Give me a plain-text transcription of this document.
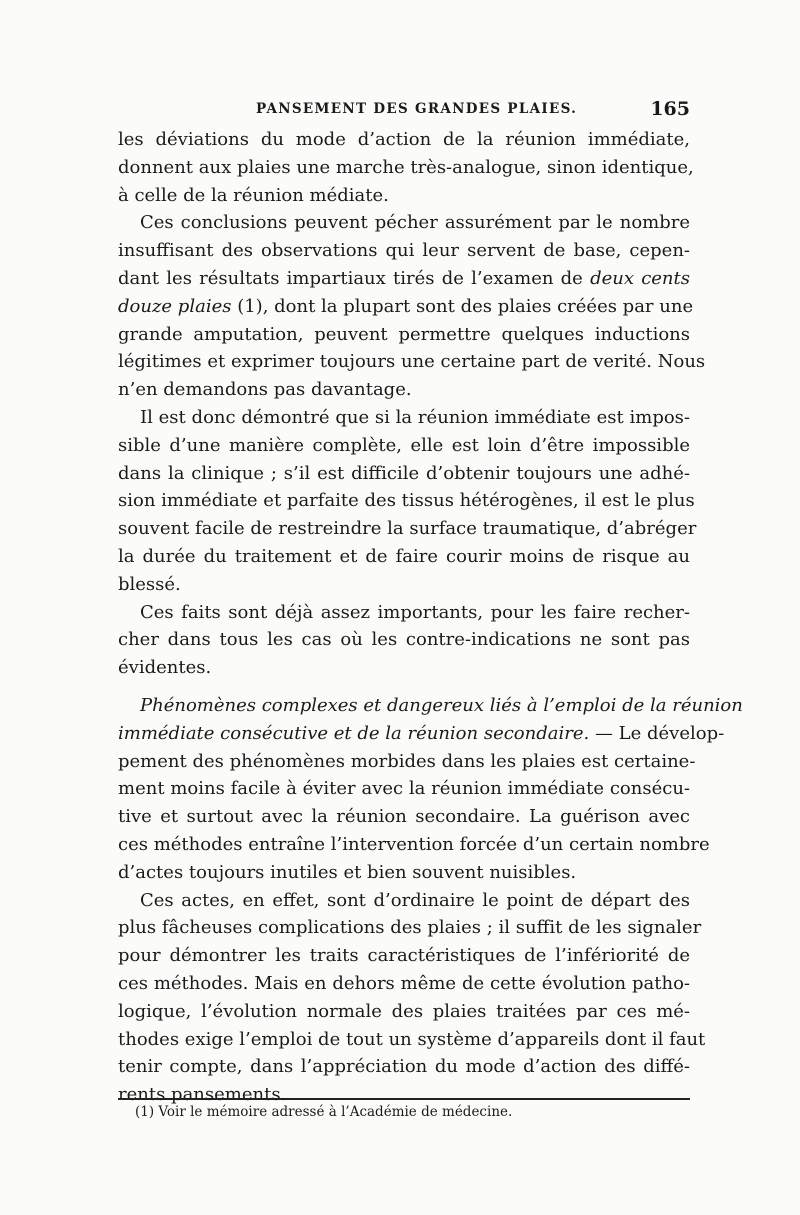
PANSEMENT DES GRANDES PLAIES.	165
les déviations du mode d’action de la réunion immédiate,
donnent aux plaies une marche très-analogue, sinon identique,
à celle de la réunion médiate.
Ces conclusions peuvent pécher assurément par le nombre
insuffisant des observations qui leur servent de base, cepen-
dant les résultats impartiaux tirés de l’examen de deux cents
douze plaies (1), dont la plupart sont des plaies créées par une
grande amputation, peuvent permettre quelques inductions
légitimes et exprimer toujours une certaine part de verité. Nous
n’en demandons pas davantage.
Il est donc démontré que si la réunion immédiate est impos-
sible d’une manière complète, elle est loin d’être impossible
dans la clinique ; s’il est difficile d’obtenir toujours une adhé-
sion immédiate et parfaite des tissus hétérogènes, il est le plus
souvent facile de restreindre la surface traumatique, d’abréger
la durée du traitement et de faire courir moins de risque au
blessé.
Ces faits sont déjà assez importants, pour les faire recher-
cher dans tous les cas où les contre-indications ne sont pas
évidentes.
Phénomènes complexes et dangereux liés à l’emploi de la réunion
immédiate consécutive et de la réunion secondaire. — Le dévelop-
pement des phénomènes morbides dans les plaies est certaine-
ment moins facile à éviter avec la réunion immédiate consécu-
tive et surtout avec la réunion secondaire. La guérison avec
ces méthodes entraîne l’intervention forcée d’un certain nombre
d’actes toujours inutiles et bien souvent nuisibles.
Ces actes, en effet, sont d’ordinaire le point de départ des
plus fâcheuses complications des plaies ; il suffit de les signaler
pour démontrer les traits caractéristiques de l’infériorité de
ces méthodes. Mais en dehors même de cette évolution patho-
logique, l’évolution normale des plaies traitées par ces mé-
thodes exige l’emploi de tout un système d’appareils dont il faut
tenir compte, dans l’appréciation du mode d’action des diffé-
rents pansements.
(1) Voir le mémoire adressé à l’Académie de médecine.
